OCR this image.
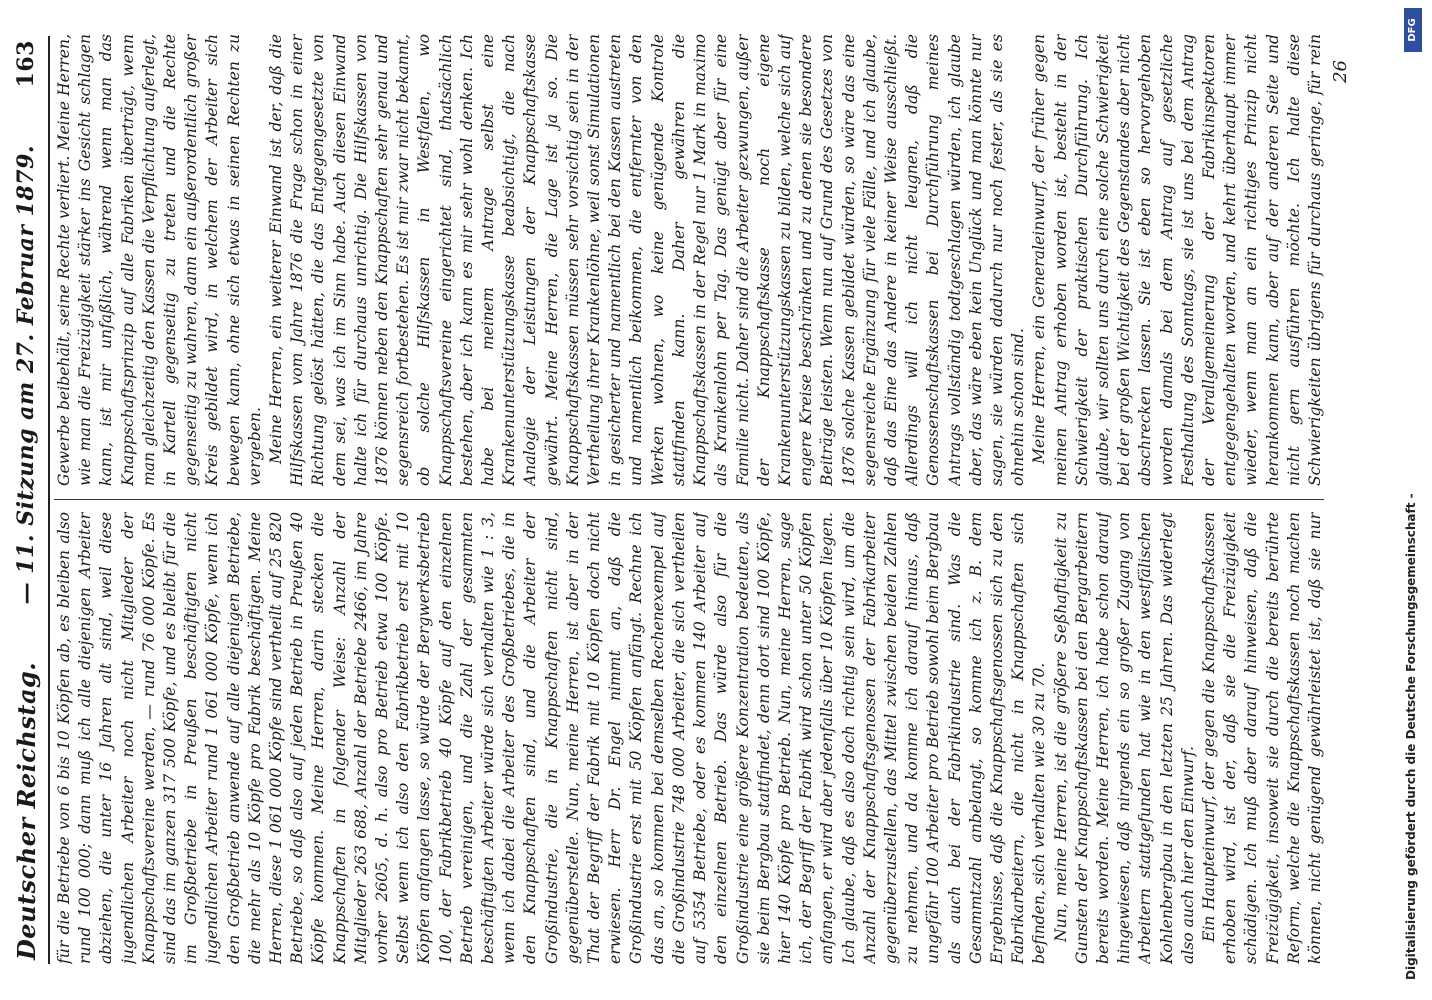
Deutscher Reichstag.
— 11. Sitzung am 27. Februar 1879.
163

für die Betriebe von 6 bis 10 Köpfen ab, es bleiben also rund 100 000; dann muß ich alle diejenigen Arbeiter abziehen, die unter 16 Jahren alt sind, weil diese jugendlichen Arbeiter noch nicht Mitglieder der Knappschaftsvereine werden, — rund 76 000 Köpfe. Es sind das im ganzen 317 500 Köpfe, und es bleibt für die im Großbetriebe in Preußen beschäftigten nicht jugendlichen Arbeiter rund 1 061 000 Köpfe, wenn ich den Großbetrieb anwende auf alle diejenigen Betriebe, die mehr als 10 Köpfe pro Fabrik beschäftigen. Meine Herren, diese 1 061 000 Köpfe sind vertheilt auf 25 820 Betriebe, so daß also auf jeden Betrieb in Preußen 40 Köpfe kommen. Meine Herren, darin stecken die Knappschaften in folgender Weise: Anzahl der Mitglieder 263 688, Anzahl der Betriebe 2466, im Jahre vorher 2605, d. h. also pro Betrieb etwa 100 Köpfe. Selbst wenn ich also den Fabrikbetrieb erst mit 10 Köpfen anfangen lasse, so würde der Bergwerksbetrieb 100, der Fabrikbetrieb 40 Köpfe auf den einzelnen Betrieb vereinigen, und die Zahl der gesammten beschäftigten Arbeiter würde sich verhalten wie 1 : 3, wenn ich dabei die Arbeiter des Großbetriebes, die in den Knappschaften sind, und die Arbeiter der Großindustrie, die in Knappschaften nicht sind, gegenüberstelle. Nun, meine Herren, ist aber in der That der Begriff der Fabrik mit 10 Köpfen doch nicht erwiesen. Herr Dr. Engel nimmt an, daß die Großindustrie erst mit 50 Köpfen anfängt. Rechne ich das an, so kommen bei demselben Rechenexempel auf die Großindustrie 748 000 Arbeiter, die sich vertheilen auf 5354 Betriebe, oder es kommen 140 Arbeiter auf den einzelnen Betrieb. Das würde also für die Großindustrie eine größere Konzentration bedeuten, als sie beim Bergbau stattfindet, denn dort sind 100 Köpfe, hier 140 Köpfe pro Betrieb. Nun, meine Herren, sage ich, der Begriff der Fabrik wird schon unter 50 Köpfen anfangen, er wird aber jedenfalls über 10 Köpfen liegen. Ich glaube, daß es also doch richtig sein wird, um die Anzahl der Knappschaftsgenossen der Fabrikarbeiter gegenüberzustellen, das Mittel zwischen beiden Zahlen zu nehmen, und da komme ich darauf hinaus, daß ungefähr 100 Arbeiter pro Betrieb sowohl beim Bergbau als auch bei der Fabrikindustrie sind. Was die Gesammtzahl anbelangt, so komme ich z. B. dem Ergebnisse, daß die Knappschaftsgenossen sich zu den Fabrikarbeitern, die nicht in Knappschaften sich befinden, sich verhalten wie 30 zu 70. Nun, meine Herren, ist die größere Seßhaftigkeit zu Gunsten der Knappschaftskassen bei den Bergarbeitern bereits worden. Meine Herren, ich habe schon darauf hingewiesen, daß nirgends ein so großer Zugang von Arbeitern stattgefunden hat wie in den westfälischen Kohlenbergbau in den letzten 25 Jahren. Das widerlegt also auch hier den Einwurf. Ein Haupteinwurf, der gegen die Knappschaftskassen erhoben wird, ist der, daß sie die Freizügigkeit schädigen. Ich muß aber darauf hinweisen, daß die Freizügigkeit, insoweit sie durch die bereits berührte Reform, welche die Knappschaftskassen noch machen können, nicht genügend gewährleistet ist, daß sie nur

Gewerbe beibehält, seine Rechte verliert. Meine Herren, wie man die Freizügigkeit stärker ins Gesicht schlagen kann, ist mir unfaßlich, während wenn man das Knappschaftsprinzip auf alle Fabriken überträgt, wenn man gleichzeitig den Kassen die Verpflichtung auferlegt, in Kartell gegenseitig zu treten und die Rechte gegenseitig zu wahren, dann ein außerordentlich großer Kreis gebildet wird, in welchem der Arbeiter sich bewegen kann, ohne sich etwas in seinen Rechten zu vergeben. Meine Herren, ein weiterer Einwand ist der, daß die Hilfskassen vom Jahre 1876 die Frage schon in einer Richtung gelöst hätten, die das Entgegengesetzte von dem sei, was ich im Sinn habe. Auch diesen Einwand halte ich für durchaus unrichtig. Die Hilfskassen von 1876 können neben den Knappschaften sehr genau und segensreich fortbestehen. Es ist mir zwar nicht bekannt, ob solche Hilfskassen in Westfalen, wo Knappschaftsvereine eingerichtet sind, thatsächlich bestehen, aber ich kann es mir sehr wohl denken. Ich habe bei meinem Antrage selbst eine Krankenunterstützungskasse beabsichtigt, die nach Analogie der Leistungen der Knappschaftskasse gewährt. Meine Herren, die Lage ist ja so. Die Knappschaftskassen müssen sehr vorsichtig sein in der Vertheilung ihrer Krankenlöhne, weil sonst Simulationen in gesicherter und namentlich bei den Kassen austreten und namentlich beikommen, die entfernter von den Werken wohnen, wo keine genügende Kontrole stattfinden kann. Daher gewähren die Knappschaftskassen in der Regel nur 1 Mark in maximo als Krankenlohn per Tag. Das genügt aber für eine Familie nicht. Daher sind die Arbeiter gezwungen, außer der Knappschaftskasse noch eigene Krankenunterstützungskassen zu bilden, welche sich auf engere Kreise beschränken und zu denen sie besondere Beiträge leisten. Wenn nun auf Grund des Gesetzes von 1876 solche Kassen gebildet würden, so wäre das eine segensreiche Ergänzung für viele Fälle, und ich glaube, daß das Eine das Andere in keiner Weise ausschließt. Allerdings will ich nicht leugnen, daß die Genossenschaftskassen bei Durchführung meines Antrags vollständig todtgeschlagen würden, ich glaube aber, das wäre eben kein Unglück und man könnte nur sagen, sie würden dadurch nur noch fester, als sie es ohnehin schon sind. Meine Herren, ein Generaleinwurf, der früher gegen meinen Antrag erhoben worden ist, besteht in der Schwierigkeit der praktischen Durchführung. Ich glaube, wir sollten uns durch eine solche Schwierigkeit bei der großen Wichtigkeit des Gegenstandes aber nicht abschrecken lassen. Sie ist eben so hervorgehoben worden damals bei dem Antrag auf gesetzliche Festhaltung des Sonntags, sie ist uns bei dem Antrag der Verallgemeinerung der Fabrikinspektoren entgegengehalten worden, und kehrt überhaupt immer wieder, wenn man an ein richtiges Prinzip nicht herankommen kann, aber auf der anderen Seite und nicht gern ausführen möchte. Ich halte diese Schwierigkeiten übrigens für durchaus geringe, für rein

26
Digitalisierung gefördert durch die Deutsche Forschungsgemeinschaft -
DFG
